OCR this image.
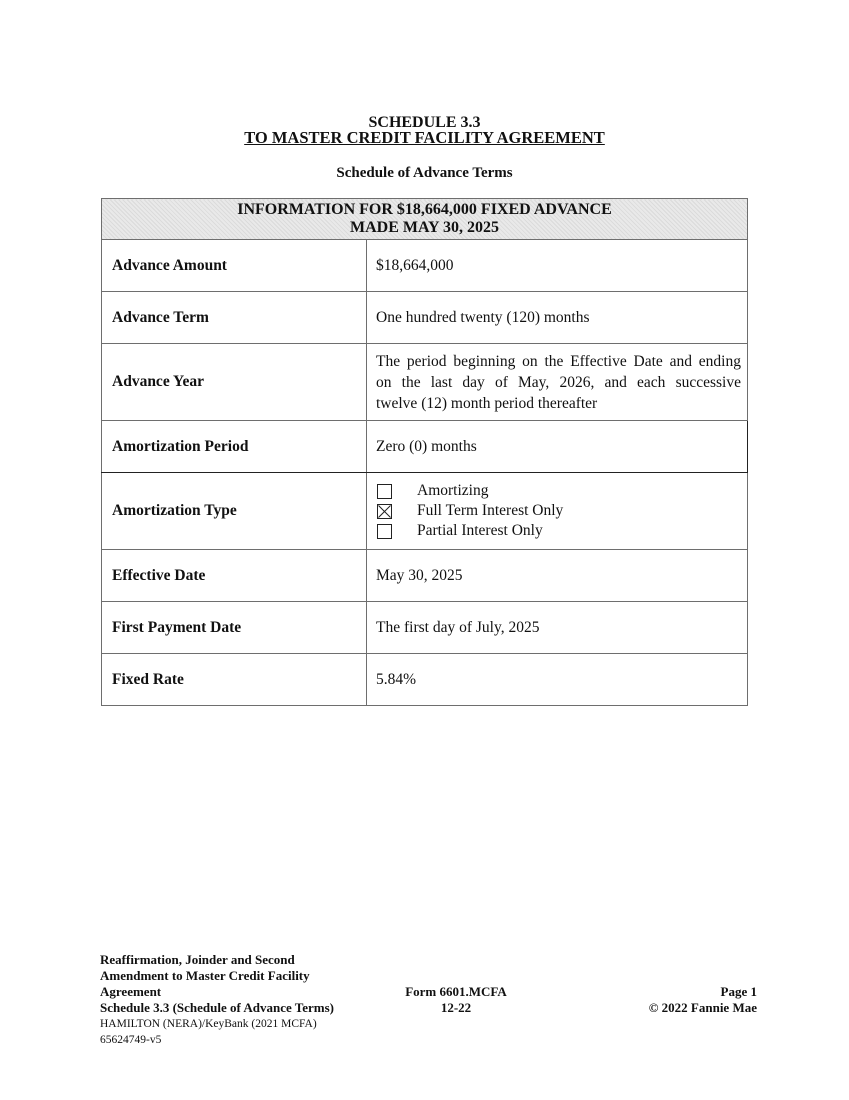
SCHEDULE 3.3
TO MASTER CREDIT FACILITY AGREEMENT
Schedule of Advance Terms
INFORMATION FOR $18,664,000 FIXED ADVANCE
MADE MAY 30, 2025	

Advance Amount	$18,664,000
Advance Term	One hundred twenty (120) months
Advance Year	The period beginning on the Effective Date and ending
on the last day of May, 2026, and each successive
twelve (12) month period thereafter

Amortization Period	Zero (0) months
Amortization Type	Amortizing
Full Term Interest Only
Partial Interest Only

Effective Date	May 30, 2025
First Payment Date	The first day of July, 2025
Fixed Rate	5.84%
Reaffirmation, Joinder and Second
Amendment to Master Credit Facility
Agreement
Schedule 3.3 (Schedule of Advance Terms)
HAMILTON (NERA)/KeyBank (2021 MCFA)
65624749-v5
Form 6601.MCFA
12-22
Page 1
© 2022 Fannie Mae
